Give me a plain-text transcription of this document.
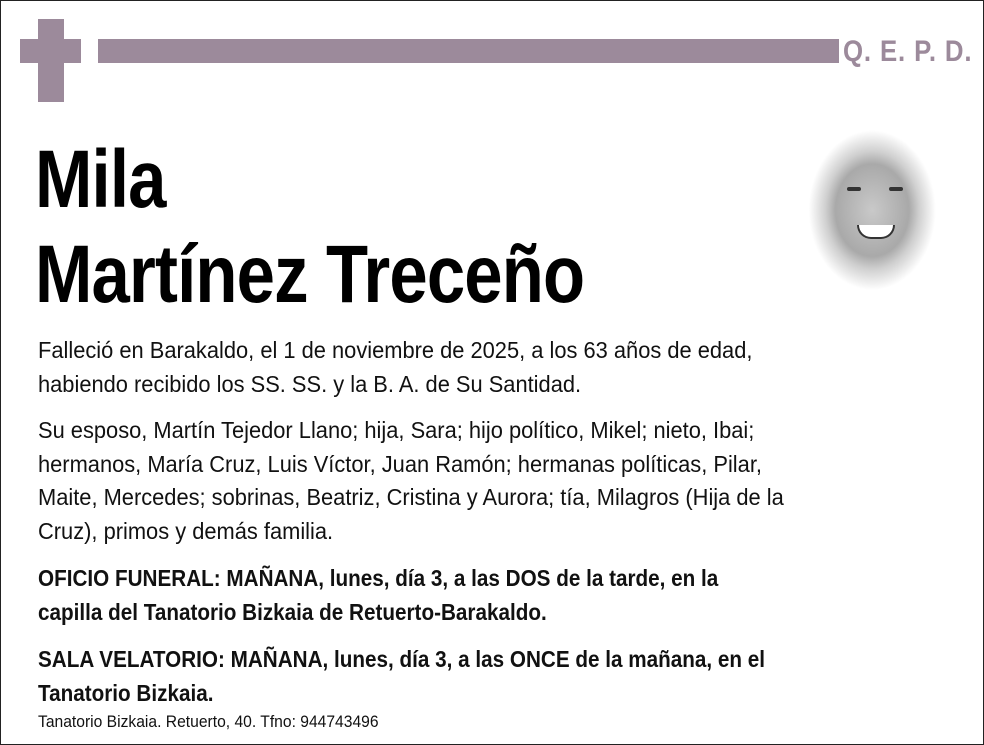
Q. E. P. D.
Mila
Martínez Treceño
Falleció en Barakaldo, el 1 de noviembre de 2025, a los 63 años de edad,
habiendo recibido los SS. SS. y la B. A. de Su Santidad.
Su esposo, Martín Tejedor Llano; hija, Sara; hijo político, Mikel; nieto, Ibai;
hermanos, María Cruz, Luis Víctor, Juan Ramón; hermanas políticas, Pilar,
Maite, Mercedes; sobrinas, Beatriz, Cristina y Aurora; tía, Milagros (Hija de la
Cruz), primos y demás familia.
OFICIO FUNERAL: MAÑANA, lunes, día 3, a las DOS de la tarde, en la
capilla del Tanatorio Bizkaia de Retuerto-Barakaldo.
SALA VELATORIO: MAÑANA, lunes, día 3, a las ONCE de la mañana, en el
Tanatorio Bizkaia.
Tanatorio Bizkaia. Retuerto, 40. Tfno: 944743496
